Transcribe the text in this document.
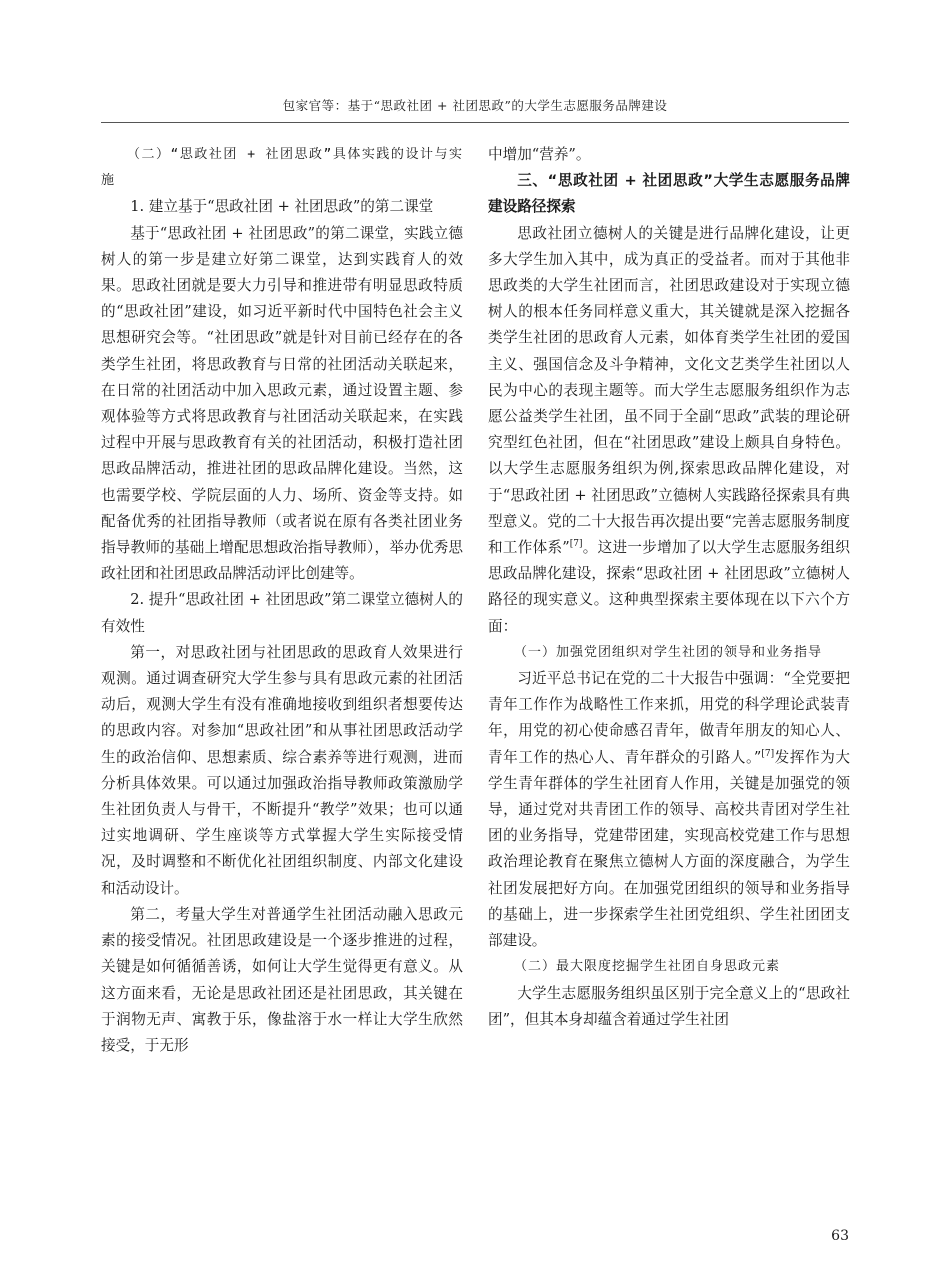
包家官等：基于“思政社团 + 社团思政”的大学生志愿服务品牌建设

（二）“思政社团 + 社团思政”具体实践的设计与实施

1. 建立基于“思政社团 + 社团思政”的第二课堂

基于“思政社团 + 社团思政”的第二课堂，实践立德树人的第一步是建立好第二课堂，达到实践育人的效果。思政社团就是要大力引导和推进带有明显思政特质的“思政社团”建设，如习近平新时代中国特色社会主义思想研究会等。“社团思政”就是针对目前已经存在的各类学生社团，将思政教育与日常的社团活动关联起来，在日常的社团活动中加入思政元素，通过设置主题、参观体验等方式将思政教育与社团活动关联起来，在实践过程中开展与思政教育有关的社团活动，积极打造社团思政品牌活动，推进社团的思政品牌化建设。当然，这也需要学校、学院层面的人力、场所、资金等支持。如配备优秀的社团指导教师（或者说在原有各类社团业务指导教师的基础上增配思想政治指导教师），举办优秀思政社团和社团思政品牌活动评比创建等。

2. 提升“思政社团 + 社团思政”第二课堂立德树人的有效性

第一，对思政社团与社团思政的思政育人效果进行观测。通过调查研究大学生参与具有思政元素的社团活动后，观测大学生有没有准确地接收到组织者想要传达的思政内容。对参加“思政社团”和从事社团思政活动学生的政治信仰、思想素质、综合素养等进行观测，进而分析具体效果。可以通过加强政治指导教师政策激励学生社团负责人与骨干，不断提升“教学”效果；也可以通过实地调研、学生座谈等方式掌握大学生实际接受情况，及时调整和不断优化社团组织制度、内部文化建设和活动设计。

第二，考量大学生对普通学生社团活动融入思政元素的接受情况。社团思政建设是一个逐步推进的过程，关键是如何循循善诱，如何让大学生觉得更有意义。从这方面来看，无论是思政社团还是社团思政，其关键在于润物无声、寓教于乐，像盐溶于水一样让大学生欣然接受，于无形

中增加“营养”。

三、“思政社团 + 社团思政”大学生志愿服务品牌建设路径探索

思政社团立德树人的关键是进行品牌化建设，让更多大学生加入其中，成为真正的受益者。而对于其他非思政类的大学生社团而言，社团思政建设对于实现立德树人的根本任务同样意义重大，其关键就是深入挖掘各类学生社团的思政育人元素，如体育类学生社团的爱国主义、强国信念及斗争精神，文化文艺类学生社团以人民为中心的表现主题等。而大学生志愿服务组织作为志愿公益类学生社团，虽不同于全副“思政”武装的理论研究型红色社团，但在“社团思政”建设上颇具自身特色。以大学生志愿服务组织为例,探索思政品牌化建设，对于“思政社团 + 社团思政”立德树人实践路径探索具有典型意义。党的二十大报告再次提出要“完善志愿服务制度和工作体系”[7]。这进一步增加了以大学生志愿服务组织思政品牌化建设，探索“思政社团 + 社团思政”立德树人路径的现实意义。这种典型探索主要体现在以下六个方面：

（一）加强党团组织对学生社团的领导和业务指导

习近平总书记在党的二十大报告中强调：“全党要把青年工作作为战略性工作来抓，用党的科学理论武装青年，用党的初心使命感召青年，做青年朋友的知心人、青年工作的热心人、青年群众的引路人。”[7]发挥作为大学生青年群体的学生社团育人作用，关键是加强党的领导，通过党对共青团工作的领导、高校共青团对学生社团的业务指导，党建带团建，实现高校党建工作与思想政治理论教育在聚焦立德树人方面的深度融合，为学生社团发展把好方向。在加强党团组织的领导和业务指导的基础上，进一步探索学生社团党组织、学生社团团支部建设。

（二）最大限度挖掘学生社团自身思政元素

大学生志愿服务组织虽区别于完全意义上的“思政社团”，但其本身却蕴含着通过学生社团

63
